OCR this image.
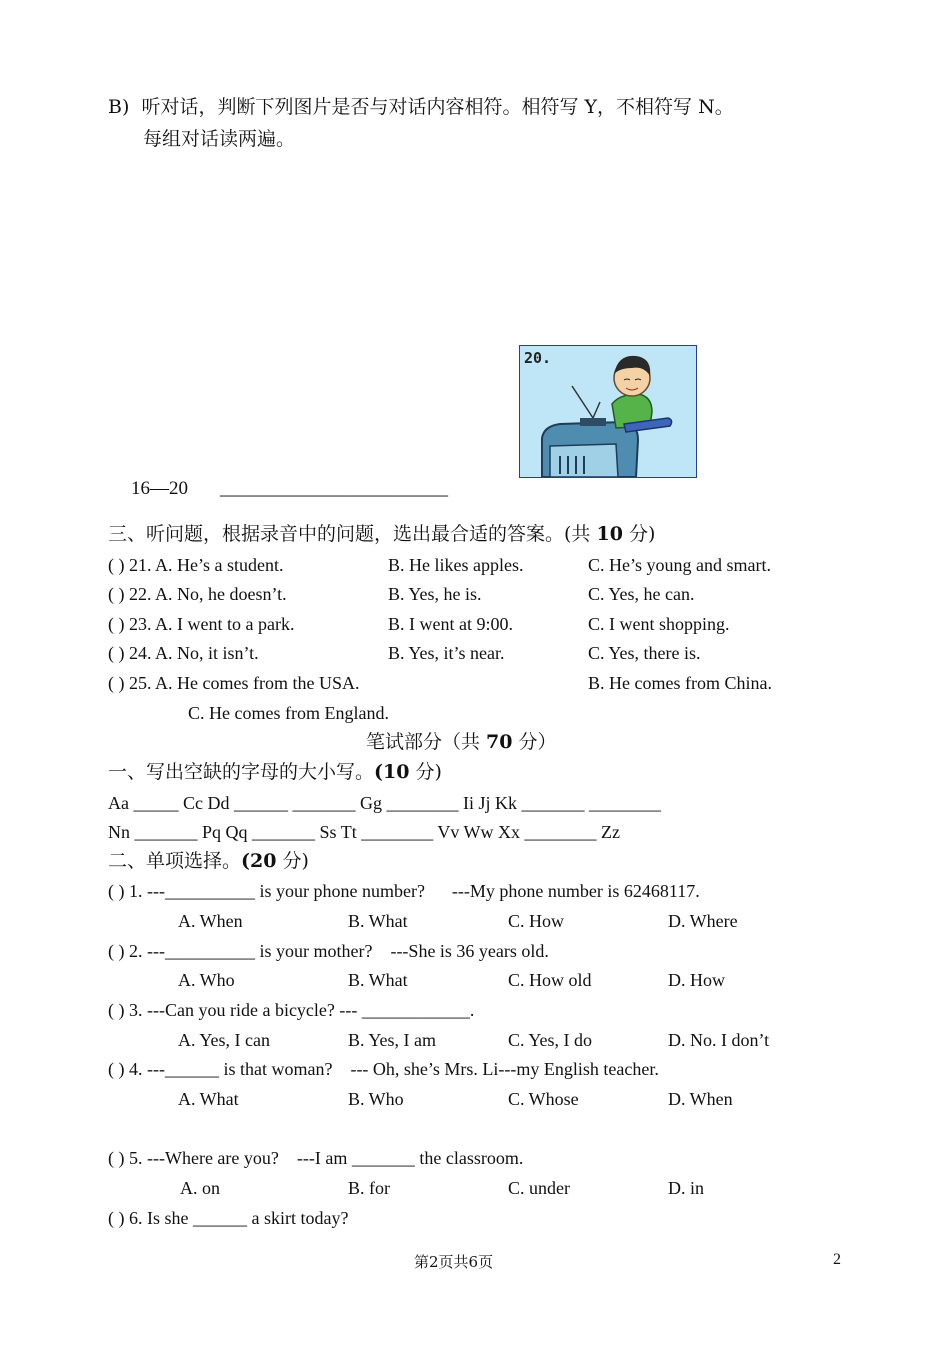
B)  听对话，判断下列图片是否与对话内容相符。相符写 Y，不相符写 N。
每组对话读两遍。
20.
16—20 ________________________
三、听问题，根据录音中的问题，选出最合适的答案。(共 10 分)
( ) 21. A. He’s a student.	B. He likes apples.	C. He’s young and smart.
( ) 22. A. No, he doesn’t.	B. Yes, he is.	C. Yes, he can.
( ) 23. A. I went to a park.	B. I went at 9:00.	C. I went shopping.
( ) 24. A. No, it isn’t.	B. Yes, it’s near.	C. Yes, there is.
( ) 25. A. He comes from the USA.	B. He comes from China.
C. He comes from England.
笔试部分（共 70 分）
一、写出空缺的字母的大小写。(10 分)
Aa _____ Cc Dd ______ _______ Gg ________ Ii Jj Kk _______ ________
Nn _______ Pq Qq _______ Ss Tt ________ Vv Ww Xx ________ Zz
二、单项选择。(20 分)
( ) 1. ---__________ is your phone number?      ---My phone number is 62468117.
A. When	B. What	C. How	D. Where
( ) 2. ---__________ is your mother?    ---She is 36 years old.
A. Who	B. What	C. How old	D. How
( ) 3. ---Can you ride a bicycle? --- ____________.
A. Yes, I can	B. Yes, I am	C. Yes, I do	D. No. I don’t
( ) 4. ---______ is that woman?    --- Oh, she’s Mrs. Li---my English teacher.
A. What	B. Who	C. Whose	D. When
( ) 5. ---Where are you?    ---I am _______ the classroom.
A. on	B. for	C. under	D. in
( ) 6. Is she ______ a skirt today?
第2页共6页	2
